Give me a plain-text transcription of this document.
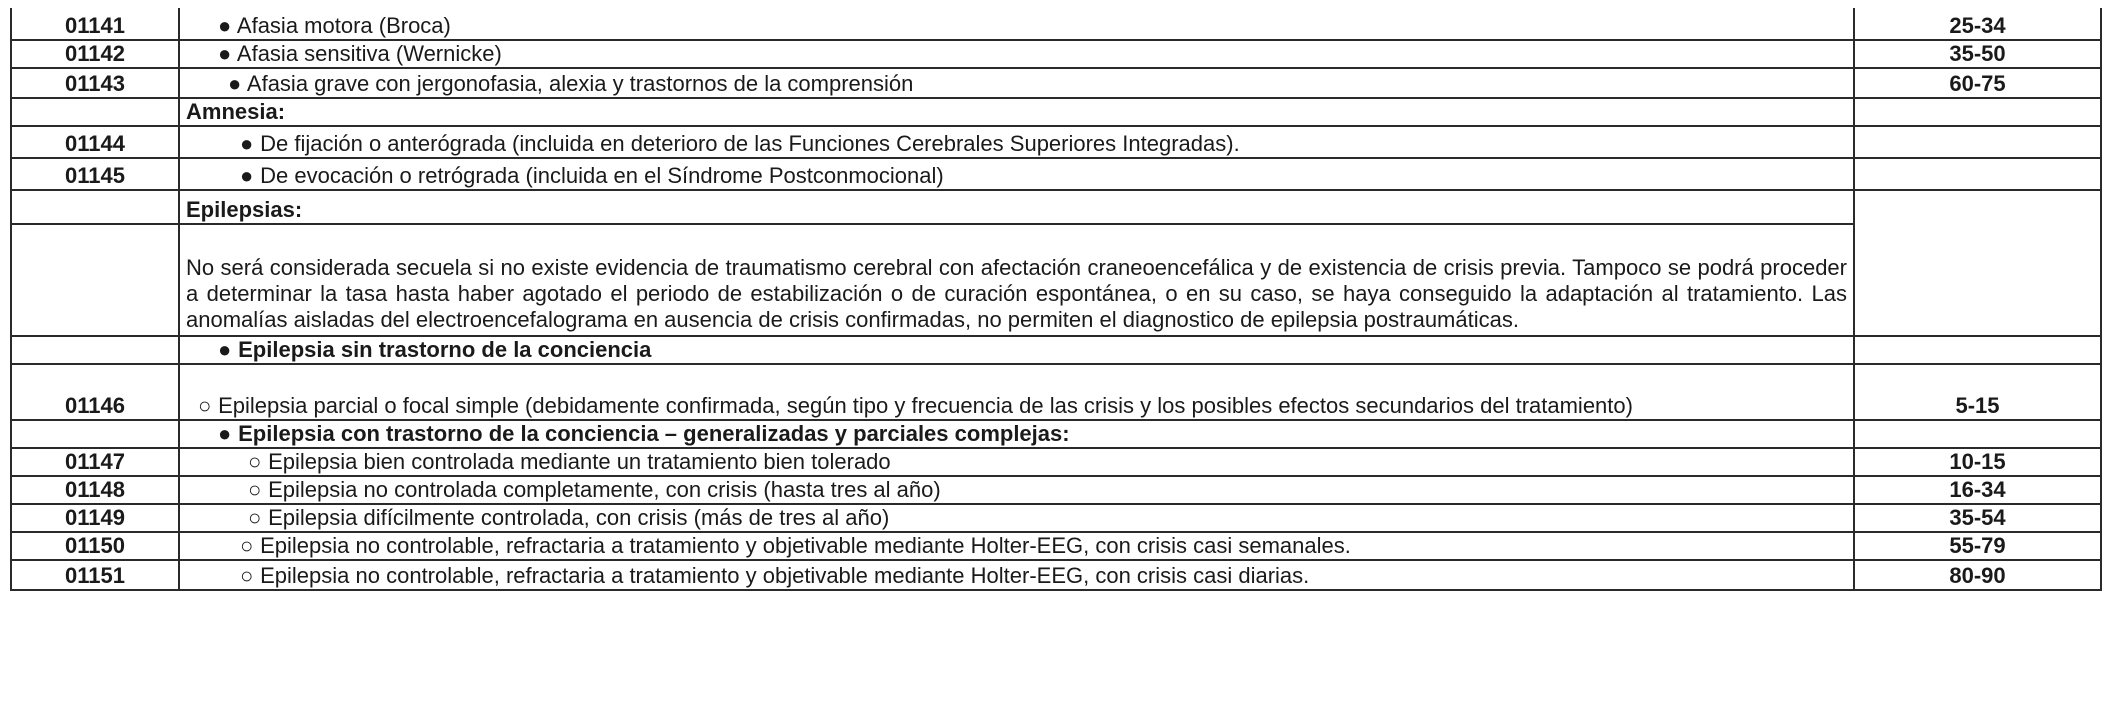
01141	● Afasia motora (Broca)	25-34
01142	● Afasia sensitiva (Wernicke)	35-50
01143	● Afasia grave con jergonofasia, alexia y trastornos de la comprensión	60-75
	Amnesia:	
01144	● De fijación o anterógrada (incluida en deterioro de las Funciones Cerebrales Superiores Integradas).	
01145	● De evocación o retrógrada (incluida en el Síndrome Postconmocional)	
	Epilepsias:	
	No será considerada secuela si no existe evidencia de traumatismo cerebral con afectación craneoencefálica y de existencia de crisis previa. Tampoco se podrá proceder a determinar la tasa hasta haber agotado el periodo de estabilización o de curación espontánea, o en su caso, se haya conseguido la adaptación al tratamiento. Las anomalías aisladas del electroencefalograma en ausencia de crisis confirmadas, no permiten el diagnostico de epilepsia postraumáticas.	
	● Epilepsia sin trastorno de la conciencia	
01146	○ Epilepsia parcial o focal simple (debidamente confirmada, según tipo y frecuencia de las crisis y los posibles efectos secundarios del tratamiento)	5-15
	● Epilepsia con trastorno de la conciencia – generalizadas y parciales complejas:	
01147	○ Epilepsia bien controlada mediante un tratamiento bien tolerado	10-15
01148	○ Epilepsia no controlada completamente, con crisis (hasta tres al año)	16-34
01149	○ Epilepsia difícilmente controlada, con crisis (más de tres al año)	35-54
01150	○ Epilepsia no controlable, refractaria a tratamiento y objetivable mediante Holter-EEG, con crisis casi semanales.	55-79
01151	○ Epilepsia no controlable, refractaria a tratamiento y objetivable mediante Holter-EEG, con crisis casi diarias.	80-90
